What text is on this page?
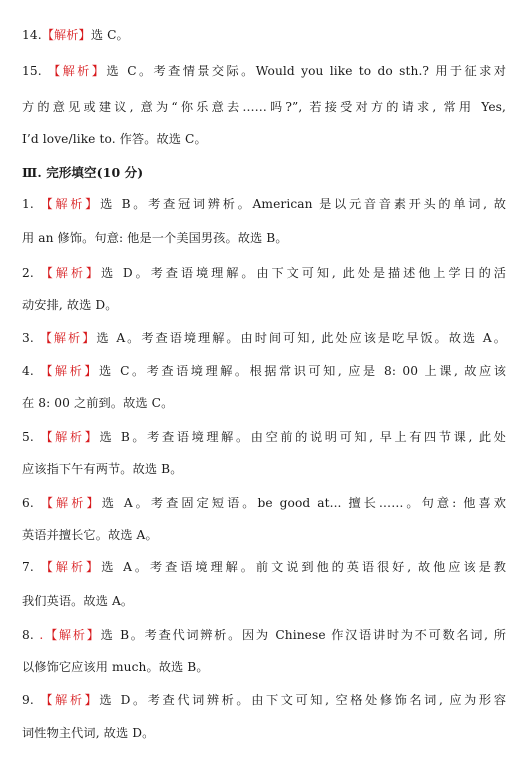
14.【解析】选 C。
15. 【解析】选 C。考查情景交际。Would you like to do sth.? 用于征求对
方的意见或建议, 意为“你乐意去……吗?”, 若接受对方的请求, 常用 Yes,
I’d love/like to. 作答。故选 C。
Ⅲ. 完形填空(10 分)
1. 【解析】选 B。考查冠词辨析。American 是以元音音素开头的单词, 故
用 an 修饰。句意: 他是一个美国男孩。故选 B。
2. 【解析】选 D。考查语境理解。由下文可知, 此处是描述他上学日的活
动安排, 故选 D。
3. 【解析】选 A。考查语境理解。由时间可知, 此处应该是吃早饭。故选 A。
4. 【解析】选 C。考查语境理解。根据常识可知, 应是 8: 00 上课, 故应该
在 8: 00 之前到。故选 C。
5. 【解析】选 B。考查语境理解。由空前的说明可知, 早上有四节课, 此处
应该指下午有两节。故选 B。
6. 【解析】选 A。考查固定短语。be good at... 擅长……。句意: 他喜欢
英语并擅长它。故选 A。
7. 【解析】选 A。考查语境理解。前文说到他的英语很好, 故他应该是教
我们英语。故选 A。
8. .【解析】选 B。考查代词辨析。因为 Chinese 作汉语讲时为不可数名词, 所
以修饰它应该用 much。故选 B。
9. 【解析】选 D。考查代词辨析。由下文可知, 空格处修饰名词, 应为形容
词性物主代词, 故选 D。
